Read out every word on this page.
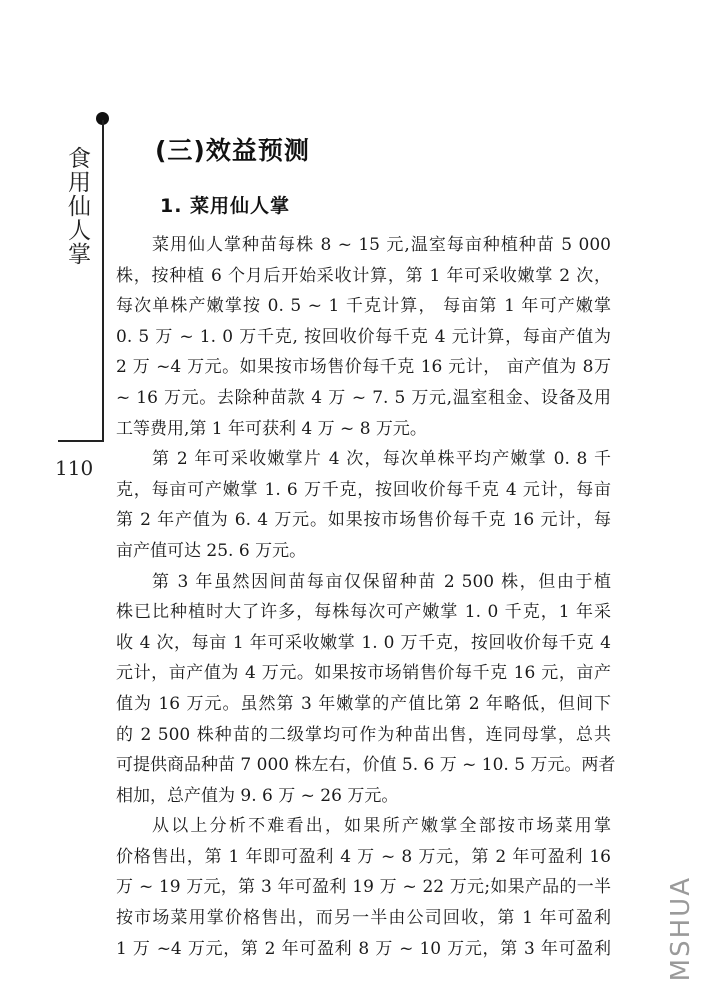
食用仙人掌
110
(三)效益预测
1. 菜用仙人掌
菜用仙人掌种苗每株 8 ~ 15 元,温室每亩种植种苗 5 000
株，按种植 6 个月后开始采收计算，第 1 年可采收嫩掌 2 次，
每次单株产嫩掌按 0. 5 ~ 1 千克计算， 每亩第 1 年可产嫩掌
0. 5 万 ~ 1. 0 万千克, 按回收价每千克 4 元计算，每亩产值为
2 万 ~4 万元。如果按市场售价每千克 16 元计， 亩产值为 8万
~ 16 万元。去除种苗款 4 万 ~ 7. 5 万元,温室租金、设备及用
工等费用,第 1 年可获利 4 万 ~ 8 万元。
第 2 年可采收嫩掌片 4 次，每次单株平均产嫩掌 0. 8 千
克，每亩可产嫩掌 1. 6 万千克，按回收价每千克 4 元计，每亩
第 2 年产值为 6. 4 万元。如果按市场售价每千克 16 元计，每
亩产值可达 25. 6 万元。
第 3 年虽然因间苗每亩仅保留种苗 2 500 株，但由于植
株已比种植时大了许多，每株每次可产嫩掌 1. 0 千克，1 年采
收 4 次，每亩 1 年可采收嫩掌 1. 0 万千克，按回收价每千克 4
元计，亩产值为 4 万元。如果按市场销售价每千克 16 元，亩产
值为 16 万元。虽然第 3 年嫩掌的产值比第 2 年略低，但间下
的 2 500 株种苗的二级掌均可作为种苗出售，连同母掌，总共
可提供商品种苗 7 000 株左右，价值 5. 6 万 ~ 10. 5 万元。两者
相加，总产值为 9. 6 万 ~ 26 万元。
从以上分析不难看出，如果所产嫩掌全部按市场菜用掌
价格售出，第 1 年即可盈利 4 万 ~ 8 万元，第 2 年可盈利 16
万 ~ 19 万元，第 3 年可盈利 19 万 ~ 22 万元;如果产品的一半
按市场菜用掌价格售出，而另一半由公司回收，第 1 年可盈利
1 万 ~4 万元，第 2 年可盈利 8 万 ~ 10 万元，第 3 年可盈利 MSHUA
